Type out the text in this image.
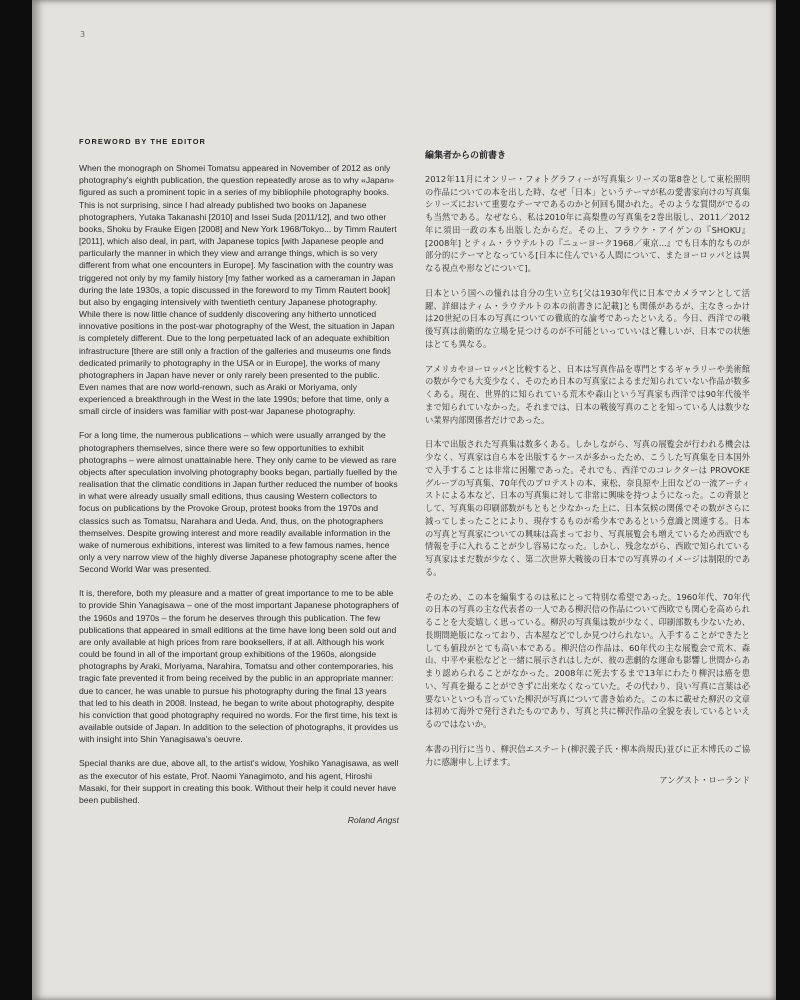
3
FOREWORD BY THE EDITOR

When the monograph on Shomei Tomatsu appeared in November of 2012 as only photography's eighth publication, the question repeatedly arose as to why «Japan» figured as such a prominent topic in a series of my bibliophile photography books. This is not surprising, since I had already published two books on Japanese photographers, Yutaka Takanashi [2010] and Issei Suda [2011/12], and two other books, Shoku by Frauke Eigen [2008] and New York 1968/Tokyo... by Timm Rautert [2011], which also deal, in part, with Japanese topics [with Japanese people and particularly the manner in which they view and arrange things, which is so very different from what one encounters in Europe]. My fascination with the country was triggered not only by my family history [my father worked as a cameraman in Japan during the late 1930s, a topic discussed in the foreword to my Timm Rautert book] but also by engaging intensively with twentieth century Japanese photography. While there is now little chance of suddenly discovering any hitherto unnoticed innovative positions in the post-war photography of the West, the situation in Japan is completely different. Due to the long perpetuated lack of an adequate exhibition infrastructure [there are still only a fraction of the galleries and museums one finds dedicated primarily to photography in the USA or in Europe], the works of many photographers in Japan have never or only rarely been presented to the public. Even names that are now world-renown, such as Araki or Moriyama, only experienced a breakthrough in the West in the late 1990s; before that time, only a small circle of insiders was familiar with post-war Japanese photography.

For a long time, the numerous publications – which were usually arranged by the photographers themselves, since there were so few opportunities to exhibit photographs – were almost unattainable here. They only came to be viewed as rare objects after speculation involving photography books began, partially fuelled by the realisation that the climatic conditions in Japan further reduced the number of books in what were already usually small editions, thus causing Western collectors to focus on publications by the Provoke Group, protest books from the 1970s and classics such as Tomatsu, Narahara and Ueda. And, thus, on the photographers themselves. Despite growing interest and more readily available information in the wake of numerous exhibitions, interest was limited to a few famous names, hence only a very narrow view of the highly diverse Japanese photography scene after the Second World War was presented.

It is, therefore, both my pleasure and a matter of great importance to me to be able to provide Shin Yanagisawa – one of the most important Japanese photographers of the 1960s and 1970s – the forum he deserves through this publication. The few publications that appeared in small editions at the time have long been sold out and are only available at high prices from rare booksellers, if at all. Although his work could be found in all of the important group exhibitions of the 1960s, alongside photographs by Araki, Moriyama, Narahira, Tomatsu and other contemporaries, his tragic fate prevented it from being received by the public in an appropriate manner: due to cancer, he was unable to pursue his photography during the final 13 years that led to his death in 2008. Instead, he began to write about photography, despite his conviction that good photography required no words. For the first time, his text is available outside of Japan. In addition to the selection of photographs, it provides us with insight into Shin Yanagisawa's oeuvre.

Special thanks are due, above all, to the artist's widow, Yoshiko Yanagisawa, as well as the executor of his estate, Prof. Naomi Yanagimoto, and his agent, Hiroshi Masaki, for their support in creating this book. Without their help it could never have been published.

Roland Angst
編集者からの前書き

2012年11月にオンリー・フォトグラフィーが写真集シリーズの第8巻として東松照明の作品についての本を出した時、なぜ「日本」というテーマが私の愛書家向けの写真集シリーズにおいて重要なテーマであるのかと何回も聞かれた。そのような質問がでるのも当然である。なぜなら、私は2010年に高梨豊の写真集を2巻出版し、2011／2012年に須田一政の本も出版したからだ。その上、フラウケ・アイゲンの『SHOKU』[2008年] とティム・ラウテルトの『ニューヨーク1968／東京...』でも日本的なものが部分的にテーマとなっている[日本に住んでいる人間について、またヨーロッパとは異なる視点や形などについて]。

日本という国への憧れは自分の生い立ち[父は1930年代に日本でカメラマンとして活躍、詳細はティム・ラウテルトの本の前書きに記載]とも関係があるが、主なきっかけは20世紀の日本の写真についての徹底的な論考であったといえる。今日、西洋での戦後写真は前衛的な立場を見つけるのが不可能といっていいほど難しいが、日本での状態はとても異なる。

アメリカやヨーロッパと比較すると、日本は写真作品を専門とするギャラリーや美術館の数が今でも大変少なく、そのため日本の写真家によるまだ知られていない作品が数多くある。現在、世界的に知られている荒木や森山という写真家も西洋では90年代後半まで知られていなかった。それまでは、日本の戦後写真のことを知っている人は数少ない業界内部関係者だけであった。

日本で出版された写真集は数多くある。しかしながら、写真の展覧会が行われる機会は少なく、写真家は自ら本を出版するケースが多かったため、こうした写真集を日本国外で入手することは非常に困難であった。それでも、西洋でのコレクターは PROVOKE グループの写真集、70年代のプロテストの本、東松、奈良原や上田などの一流アーティストによる本など、日本の写真集に対して非常に興味を持つようになった。この背景として、写真集の印刷部数がもともと少なかった上に、日本気候の関係でその数がさらに減ってしまったことにより、現存するものが希少本であるという意識と関連する。日本の写真と写真家についての興味は高まっており、写真展覧会も増えているため西欧でも情報を手に入れることが少し容易になった。しかし、残念ながら、西欧で知られている写真家はまだ数が少なく、第二次世界大戦後の日本での写真界のイメージは制限的である。

そのため、この本を編集するのは私にとって特別な希望であった。1960年代、70年代の日本の写真の主な代表者の一人である柳沢信の作品について西欧でも関心を高められることを大変嬉しく思っている。柳沢の写真集は数が少なく、印刷部数も少ないため、長期間絶版になっており、古本屋などでしか見つけられない。入手することができたとしても値段がとても高い本である。柳沢信の作品は、60年代の主な展覧会で荒木、森山、中平や東松などと一緒に展示されはしたが、彼の悲劇的な運命も影響し世間からあまり認められることがなかった。2008年に死去するまで13年にわたり柳沢は癌を患い、写真を撮ることができずに出来なくなっていた。その代わり、良い写真に言葉は必要ないといつも言っていた柳沢が写真について書き始めた。この本に載せた柳沢の文章は初めて海外で発行されたものであり、写真と共に柳沢作品の全貌を表しているといえるのではないか。

本書の刊行に当り、柳沢信エステート(柳沢義子氏・柳本尚規氏)並びに正木博氏のご協力に感謝申し上げます。

アングスト・ローランド
